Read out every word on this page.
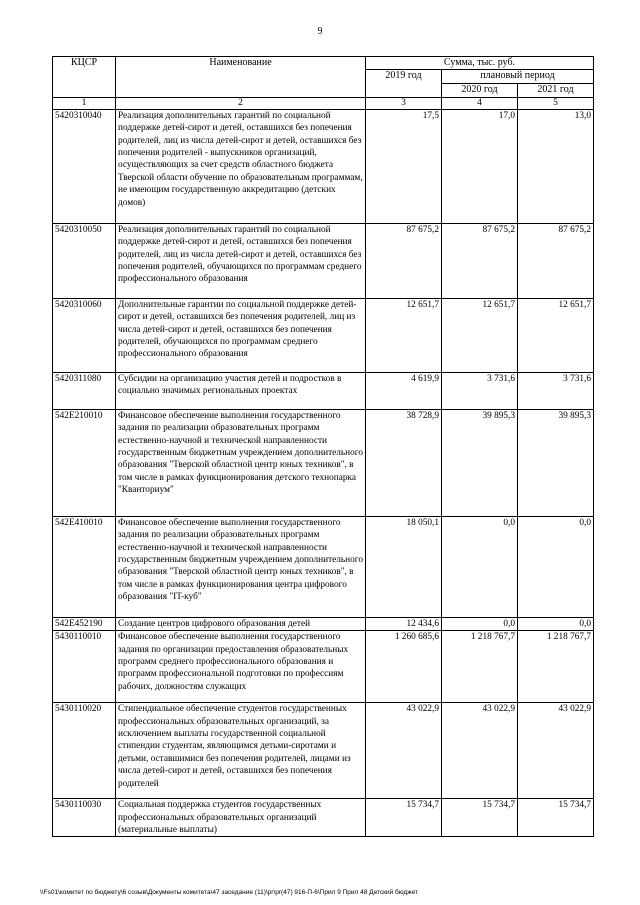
9
КЦСР	Наименование	Сумма, тыс. руб.		
		2019 год	плановый период	
			2020 год	2021 год
1	2	3	4	5
5420310040	Реализация дополнительных гарантий по социальной поддержке детей-сирот и детей, оставшихся без попечения родителей, лиц из числа детей-сирот и детей, оставшихся без попечения родителей - выпускников организаций, осуществляющих за счет средств областного бюджета Тверской области обучение по образовательным программам, не имеющим государственную аккредитацию (детских домов)	17,5	17,0	13,0
5420310050	Реализация дополнительных гарантий по социальной поддержке детей-сирот и детей, оставшихся без попечения родителей, лиц из числа детей-сирот и детей, оставшихся без попечения родителей, обучающихся по программам среднего профессионального образования	87 675,2	87 675,2	87 675,2
5420310060	Дополнительные гарантии по социальной поддержке детей-сирот и детей, оставшихся без попечения родителей, лиц из числа детей-сирот и детей, оставшихся без попечения родителей, обучающихся по программам среднего профессионального образования	12 651,7	12 651,7	12 651,7
5420311080	Субсидии на организацию участия детей и подростков в социально значимых региональных проектах	4 619,9	3 731,6	3 731,6
542E210010	Финансовое обеспечение выполнения государственного задания по реализации образовательных программ естественно-научной и технической направленности государственным бюджетным учреждением дополнительного образования "Тверской областной центр юных техников", в том числе в рамках функционирования детского технопарка "Кванториум"	38 728,9	39 895,3	39 895,3
542E410010	Финансовое обеспечение выполнения государственного задания по реализации образовательных программ естественно-научной и технической направленности государственным бюджетным учреждением дополнительного образования "Тверской областной центр юных техников", в том числе в рамках функционирования центра цифрового образования "IT-куб"	18 050,1	0,0	0,0
542E452190	Создание центров цифрового образования детей	12 434,6	0,0	0,0
5430110010	Финансовое обеспечение выполнения государственного задания по организации предоставления образовательных программ среднего профессионального образования и программ профессиональной подготовки по профессиям рабочих, должностям служащих	1 260 685,6	1 218 767,7	1 218 767,7
5430110020	Стипендиальное обеспечение студентов государственных профессиональных образовательных организаций, за исключением выплаты государственной социальной стипендии студентам, являющимся детьми-сиротами и детьми, оставшимися без попечения родителей, лицами из числа детей-сирот и детей, оставшихся без попечения родителей	43 022,9	43 022,9	43 022,9
5430110030	Социальная поддержка студентов государственных профессиональных образовательных организаций (материальные выплаты)	15 734,7	15 734,7	15 734,7
\\Fs01\комитет по бюджету\6 созыв\Документы комитета\47 заседание (11)\pr\pr(47) 916-П-6\Прил 9 Прил 48 Детский бюджет
